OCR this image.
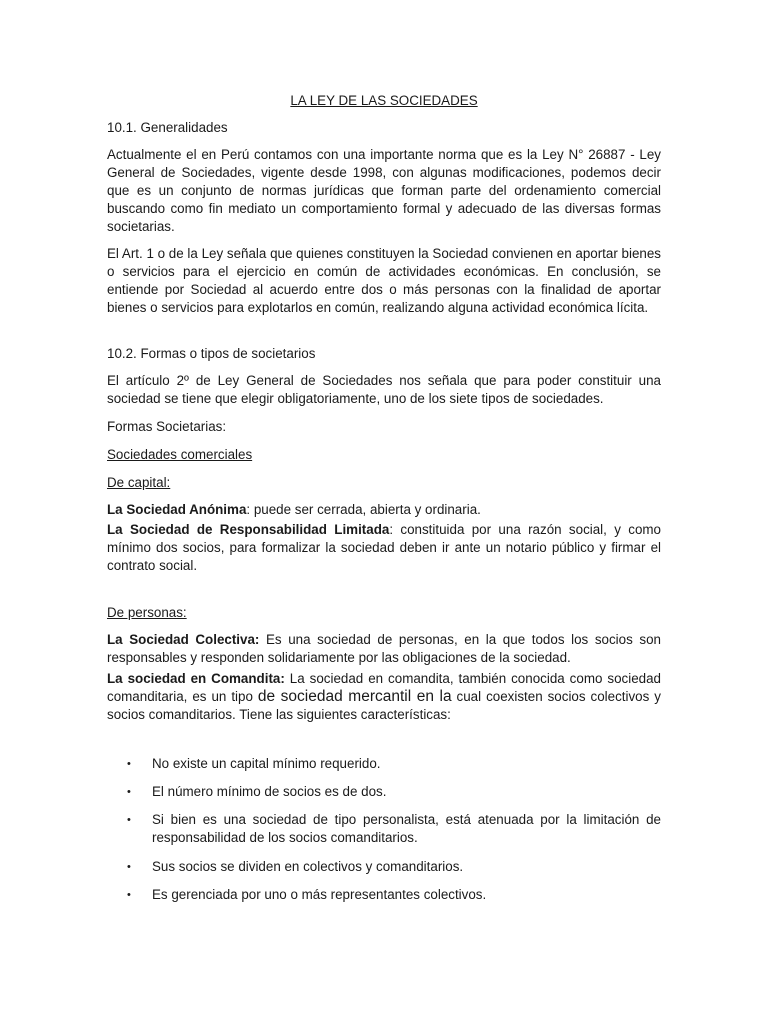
LA LEY DE LAS SOCIEDADES

10.1. Generalidades

Actualmente el en Perú contamos con una importante norma que es la Ley N° 26887 - Ley General de Sociedades, vigente desde 1998, con algunas modificaciones, podemos decir que es un conjunto de normas jurídicas que forman parte del ordenamiento comercial buscando como fin mediato un comportamiento formal y adecuado de las diversas formas societarias.

El Art. 1 o de la Ley señala que quienes constituyen la Sociedad convienen en aportar bienes o servicios para el ejercicio en común de actividades económicas. En conclusión, se entiende por Sociedad al acuerdo entre dos o más personas con la finalidad de aportar bienes o servicios para explotarlos en común, realizando alguna actividad económica lícita.

10.2. Formas o tipos de societarios

El artículo 2º de Ley General de Sociedades nos señala que para poder constituir una sociedad se tiene que elegir obligatoriamente, uno de los siete tipos de sociedades.

Formas Societarias:

Sociedades comerciales

De capital:

La Sociedad Anónima: puede ser cerrada, abierta y ordinaria.

La Sociedad de Responsabilidad Limitada: constituida por una razón social, y como mínimo dos socios, para formalizar la sociedad deben ir ante un notario público y firmar el contrato social.

De personas:

La Sociedad Colectiva: Es una sociedad de personas, en la que todos los socios son responsables y responden solidariamente por las obligaciones de la sociedad.

La sociedad en Comandita: La sociedad en comandita, también conocida como sociedad comanditaria, es un tipo de sociedad mercantil en la cual coexisten socios colectivos y socios comanditarios. Tiene las siguientes características:

• No existe un capital mínimo requerido.
• El número mínimo de socios es de dos.
• Si bien es una sociedad de tipo personalista, está atenuada por la limitación de responsabilidad de los socios comanditarios.
• Sus socios se dividen en colectivos y comanditarios.
• Es gerenciada por uno o más representantes colectivos.
